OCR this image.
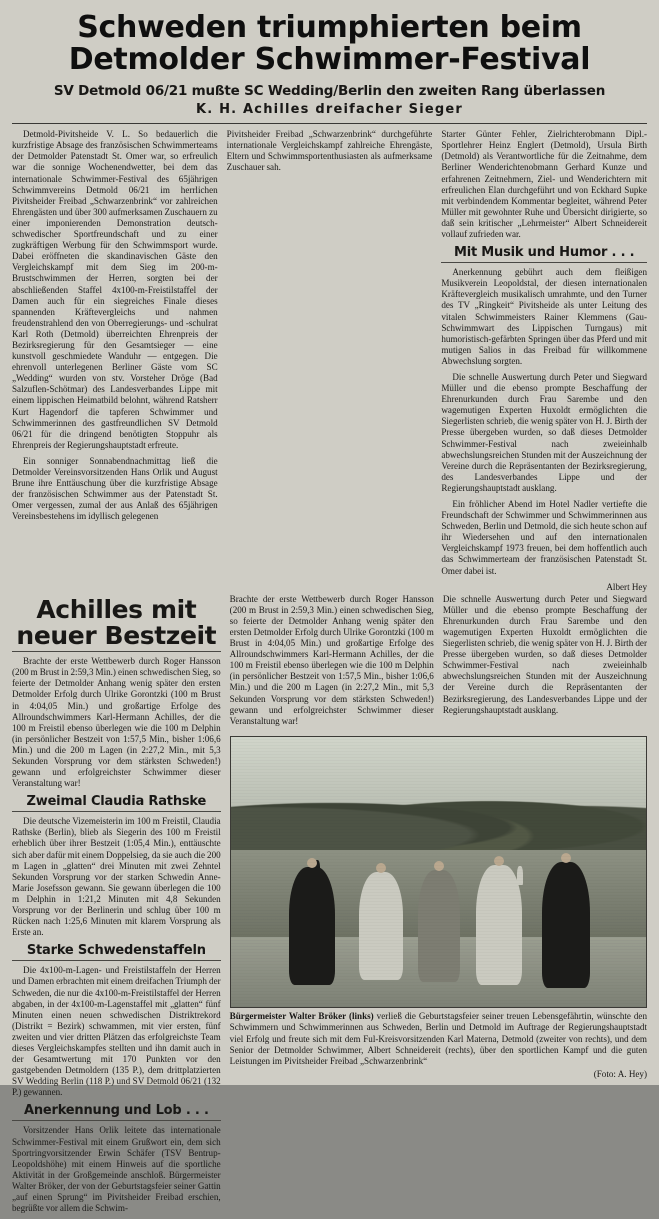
Schweden triumphierten beim
Detmolder Schwimmer-Festival
SV Detmold 06/21 mußte SC Wedding/Berlin den zweiten Rang überlassen
K. H. Achilles dreifacher Sieger

Detmold-Pivitsheide V. L. So bedauerlich die kurzfristige Absage des französischen Schwimmerteams der Detmolder Patenstadt St. Omer war, so erfreulich war die sonnige Wochenendwetter, bei dem das internationale Schwimmer-Festival des 65jährigen Schwimmvereins Detmold 06/21 im herrlichen Pivitsheider Freibad „Schwarzenbrink“ vor zahlreichen Ehrengästen und über 300 aufmerksamen Zuschauern zu einer imponierenden Demonstration deutsch-schwedischer Sportfreundschaft und zu einer zugkräftigen Werbung für den Schwimmsport wurde. Dabei eröffneten die skandinavischen Gäste den Vergleichskampf mit dem Sieg im 200-m-Brustschwimmen der Herren, sorgten bei der abschließenden Staffel 4x100-m-Freistilstaffel der Damen auch für ein siegreiches Finale dieses spannenden Kräftevergleichs und nahmen freudenstrahlend den von Oberregierungs- und -schulrat Karl Roth (Detmold) überreichten Ehrenpreis der Bezirksregierung für den Gesamtsieger — eine kunstvoll geschmiedete Wanduhr — entgegen. Die ehrenvoll unterlegenen Berliner Gäste vom SC „Wedding“ wurden von stv. Vorsteher Dröge (Bad Salzuflen-Schötmar) des Landesverbandes Lippe mit einem lippischen Heimatbild belohnt, während Ratsherr Kurt Hagendorf die tapferen Schwimmer und Schwimmerinnen des gastfreundlichen SV Detmold 06/21 für die dringend benötigten Stoppuhr als Ehrenpreis der Regierungshauptstadt erfreute.

Ein sonniger Sonnabendnachmittag ließ die Detmolder Vereinsvorsitzenden Hans Orlik und August Brune ihre Enttäuschung über die kurzfristige Absage der französischen Schwimmer aus der Patenstadt St. Omer vergessen, zumal der aus Anlaß des 65jährigen Vereinsbestehens im idyllisch gelegenen

Pivitsheider Freibad „Schwarzenbrink“ durchgeführte internationale Vergleichskampf zahlreiche Ehrengäste, Eltern und Schwimmsportenthusiasten als aufmerksame Zuschauer sah.

Starter Günter Fehler, Zielrichterobmann Dipl.-Sportlehrer Heinz Englert (Detmold), Ursula Birth (Detmold) als Verantwortliche für die Zeitnahme, dem Berliner Wenderichtenobmann Gerhard Kunze und erfahrenen Zeitnehmern, Ziel- und Wenderichtern mit erfreulichen Elan durchgeführt und von Eckhard Supke mit verbindendem Kommentar begleitet, während Peter Müller mit gewohnter Ruhe und Übersicht dirigierte, so daß sein kritischer „Lehrmeister“ Albert Schneidereit vollauf zufrieden war.

Mit Musik und Humor . . .

Anerkennung gebührt auch dem fleißigen Musikverein Leopoldstal, der diesen internationalen Kräftevergleich musikalisch umrahmte, und den Turner des TV „Ringkeit“ Pivitsheide als unter Leitung des vitalen Schwimmeisters Rainer Klemmens (Gau-Schwimmwart des Lippischen Turngaus) mit humoristisch-gefärbten Springen über das Pferd und mit mutigen Salios in das Freibad für willkommene Abwechslung sorgten.

Die schnelle Auswertung durch Peter und Siegward Müller und die ebenso prompte Beschaffung der Ehrenurkunden durch Frau Sarembe und den wagemutigen Experten Huxoldt ermöglichten die Siegerlisten schrieb, die wenig später von H. J. Birth der Presse übergeben wurden, so daß dieses Detmolder Schwimmer-Festival nach zweieinhalb abwechslungsreichen Stunden mit der Auszeichnung der Vereine durch die Repräsentanten der Bezirksregierung, des Landesverbandes Lippe und der Regierungshauptstadt ausklang.

Ein fröhlicher Abend im Hotel Nadler vertiefte die Freundschaft der Schwimmer und Schwimmerinnen aus Schweden, Berlin und Detmold, die sich heute schon auf ihr Wiedersehen und auf den internationalen Vergleichskampf 1973 freuen, bei dem hoffentlich auch das Schwimmerteam der französischen Patenstadt St. Omer dabei ist.

Albert Hey

Achilles mit neuer Bestzeit

Brachte der erste Wettbewerb durch Roger Hansson (200 m Brust in 2:59,3 Min.) einen schwedischen Sieg, so feierte der Detmolder Anhang wenig später den ersten Detmolder Erfolg durch Ulrike Gorontzki (100 m Brust in 4:04,05 Min.) und großartige Erfolge des Allroundschwimmers Karl-Hermann Achilles, der die 100 m Freistil ebenso überlegen wie die 100 m Delphin (in persönlicher Bestzeit von 1:57,5 Min., bisher 1:06,6 Min.) und die 200 m Lagen (in 2:27,2 Min., mit 5,3 Sekunden Vorsprung vor dem stärksten Schweden!) gewann und erfolgreichster Schwimmer dieser Veranstaltung war!

Zweimal Claudia Rathske

Die deutsche Vizemeisterin im 100 m Freistil, Claudia Rathske (Berlin), blieb als Siegerin des 100 m Freistil erheblich über ihrer Bestzeit (1:05,4 Min.), enttäuschte sich aber dafür mit einem Doppelsieg, da sie auch die 200 m Lagen in „glatten“ drei Minuten mit zwei Zehntel Sekunden Vorsprung vor der starken Schwedin Anne-Marie Josefsson gewann. Sie gewann überlegen die 100 m Delphin in 1:21,2 Minuten mit 4,8 Sekunden Vorsprung vor der Berlinerin und schlug über 100 m Rücken nach 1:25,6 Minuten mit klarem Vorsprung als Erste an.

Starke Schwedenstaffeln

Die 4x100-m-Lagen- und Freistilstaffeln der Herren und Damen erbrachten mit einem dreifachen Triumph der Schweden, die nur die 4x100-m-Freistilstaffel der Herren abgaben, in der 4x100-m-Lagenstaffel mit „glatten“ fünf Minuten einen neuen schwedischen Distriktrekord (Distrikt = Bezirk) schwammen, mit vier ersten, fünf zweiten und vier dritten Plätzen das erfolgreichste Team dieses Vergleichskampfes stellten und ihn damit auch in der Gesamtwertung mit 170 Punkten vor den gastgebenden Detmoldern (135 P.), dem drittplatzierten SV Wedding Berlin (118 P.) und SV Detmold 06/21 (132 P.) gewannen.

Anerkennung und Lob . . .

Vorsitzender Hans Orlik leitete das internationale Schwimmer-Festival mit einem Grußwort ein, dem sich Sportringvorsitzender Erwin Schäfer (TSV Bentrup-Leopoldshöhe) mit einem Hinweis auf die sportliche Aktivität in der Großgemeinde anschloß. Bürgermeister Walter Bröker, der von der Geburtstagsfeier seiner Gattin „auf einen Sprung“ im Pivitsheider Freibad erschien, begrüßte vor allem die Schwim-

Brachte der erste Wettbewerb durch Roger Hansson (200 m Brust in 2:59,3 Min.) einen schwedischen Sieg, so feierte der Detmolder Anhang wenig später den ersten Detmolder Erfolg durch Ulrike Gorontzki (100 m Brust in 4:04,05 Min.) und großartige Erfolge des Allroundschwimmers Karl-Hermann Achilles, der die 100 m Freistil ebenso überlegen wie die 100 m Delphin (in persönlicher Bestzeit von 1:57,5 Min., bisher 1:06,6 Min.) und die 200 m Lagen (in 2:27,2 Min., mit 5,3 Sekunden Vorsprung vor dem stärksten Schweden!) gewann und erfolgreichster Schwimmer dieser Veranstaltung war!

Die schnelle Auswertung durch Peter und Siegward Müller und die ebenso prompte Beschaffung der Ehrenurkunden durch Frau Sarembe und den wagemutigen Experten Huxoldt ermöglichten die Siegerlisten schrieb, die wenig später von H. J. Birth der Presse übergeben wurden, so daß dieses Detmolder Schwimmer-Festival nach zweieinhalb abwechslungsreichen Stunden mit der Auszeichnung der Vereine durch die Repräsentanten der Bezirksregierung, des Landesverbandes Lippe und der Regierungshauptstadt ausklang.

Bürgermeister Walter Bröker (links) verließ die Geburtstagsfeier seiner treuen Lebensgefährtin, wünschte den Schwimmern und Schwimmerinnen aus Schweden, Berlin und Detmold im Auftrage der Regierungshauptstadt viel Erfolg und freute sich mit dem Ful-Kreisvorsitzenden Karl Materna, Detmold (zweiter von rechts), und dem Senior der Detmolder Schwimmer, Albert Schneidereit (rechts), über den sportlichen Kampf und die guten Leistungen im Pivitsheider Freibad „Schwarzenbrink“
(Foto: A. Hey)
